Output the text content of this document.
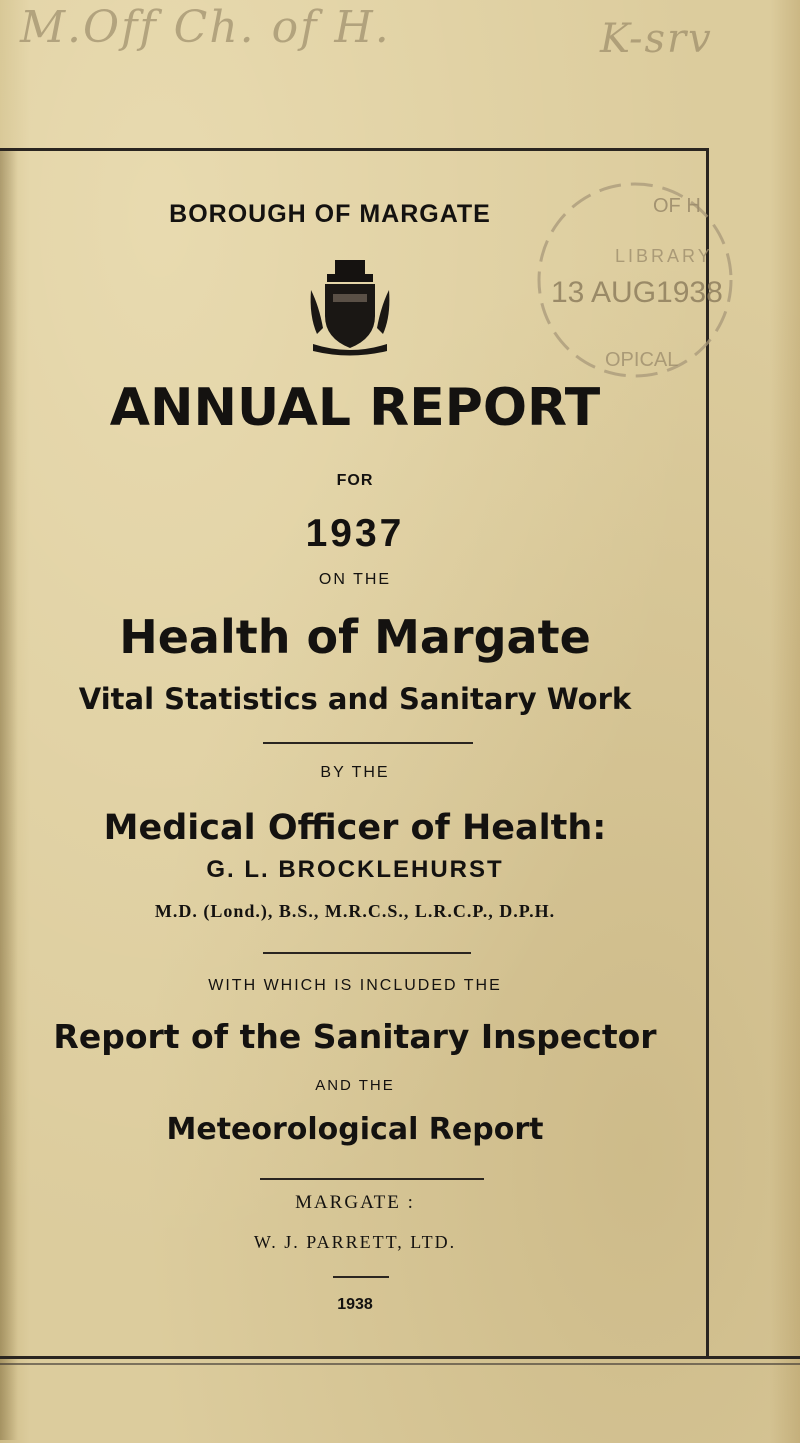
M.Off Ch. of H.	K-srv
BOROUGH OF MARGATE	OF H
LIBRARY
13 AUG1938
OPICAL
ANNUAL REPORT
FOR
1937
ON THE
Health of Margate
Vital Statistics and Sanitary Work
BY THE
Medical Officer of Health:
G. L. BROCKLEHURST
M.D. (Lond.), B.S., M.R.C.S., L.R.C.P., D.P.H.
WITH WHICH IS INCLUDED THE
Report of the Sanitary Inspector
AND THE
Meteorological Report
MARGATE :
W. J. PARRETT, LTD.
1938
